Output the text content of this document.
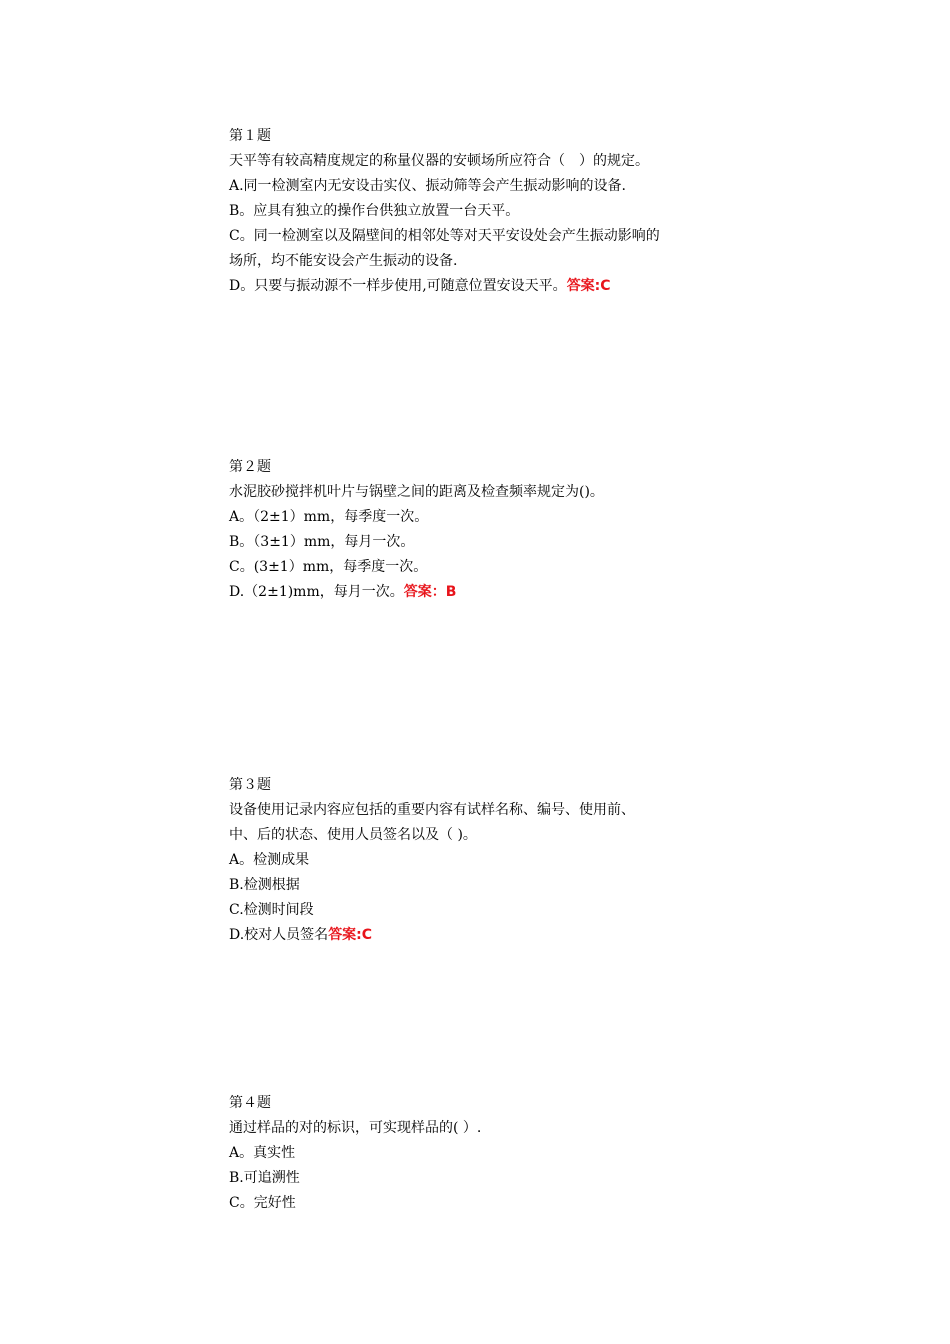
第１题
天平等有较高精度规定的称量仪器的安顿场所应符合（　）的规定。
A.同一检测室内无安设击实仪、振动筛等会产生振动影响的设备.
B。应具有独立的操作台供独立放置一台天平。
C。同一检测室以及隔壁间的相邻处等对天平安设处会产生振动影响的
场所，均不能安设会产生振动的设备.
D。只要与振动源不一样步使用,可随意位置安设天平。答案:C
第２题
水泥胶砂搅拌机叶片与锅壁之间的距离及检查频率规定为()。
A。（2±1）mm，每季度一次。
B。（3±1）mm，每月一次。
C。(3±1）mm，每季度一次。
D.（2±1)mm，每月一次。答案：B
第３题
设备使用记录内容应包括的重要内容有试样名称、编号、使用前、
中、后的状态、使用人员签名以及（ )。
A。检测成果
B.检测根据
C.检测时间段
D.校对人员签名答案:C
第４题
通过样品的对的标识，可实现样品的( ）.
A。真实性
B.可追溯性
C。完好性
